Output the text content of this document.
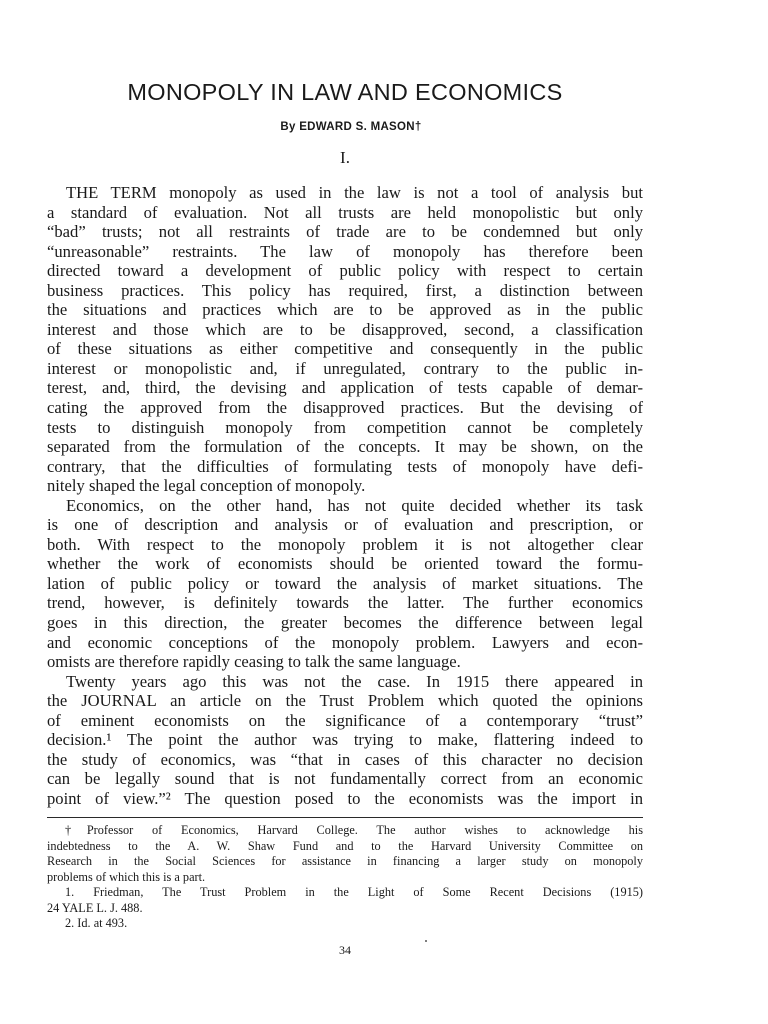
MONOPOLY IN LAW AND ECONOMICS
By EDWARD S. MASON†
I.
THE TERM monopoly as used in the law is not a tool of analysis but
a standard of evaluation. Not all trusts are held monopolistic but only
“bad” trusts; not all restraints of trade are to be condemned but only
“unreasonable” restraints. The law of monopoly has therefore been
directed toward a development of public policy with respect to certain
business practices. This policy has required, first, a distinction between
the situations and practices which are to be approved as in the public
interest and those which are to be disapproved, second, a classification
of these situations as either competitive and consequently in the public
interest or monopolistic and, if unregulated, contrary to the public in-
terest, and, third, the devising and application of tests capable of demar-
cating the approved from the disapproved practices. But the devising of
tests to distinguish monopoly from competition cannot be completely
separated from the formulation of the concepts. It may be shown, on the
contrary, that the difficulties of formulating tests of monopoly have defi-
nitely shaped the legal conception of monopoly.
Economics, on the other hand, has not quite decided whether its task
is one of description and analysis or of evaluation and prescription, or
both. With respect to the monopoly problem it is not altogether clear
whether the work of economists should be oriented toward the formu-
lation of public policy or toward the analysis of market situations. The
trend, however, is definitely towards the latter. The further economics
goes in this direction, the greater becomes the difference between legal
and economic conceptions of the monopoly problem. Lawyers and econ-
omists are therefore rapidly ceasing to talk the same language.
Twenty years ago this was not the case. In 1915 there appeared in
the JOURNAL an article on the Trust Problem which quoted the opinions
of eminent economists on the significance of a contemporary “trust”
decision.¹ The point the author was trying to make, flattering indeed to
the study of economics, was “that in cases of this character no decision
can be legally sound that is not fundamentally correct from an economic
point of view.”² The question posed to the economists was the import in
†Professor of Economics, Harvard College. The author wishes to acknowledge his
indebtedness to the A. W. Shaw Fund and to the Harvard University Committee on
Research in the Social Sciences for assistance in financing a larger study on monopoly
problems of which this is a part.
1. Friedman, The Trust Problem in the Light of Some Recent Decisions (1915)
24 YALE L. J. 488.
2. Id. at 493.
34
